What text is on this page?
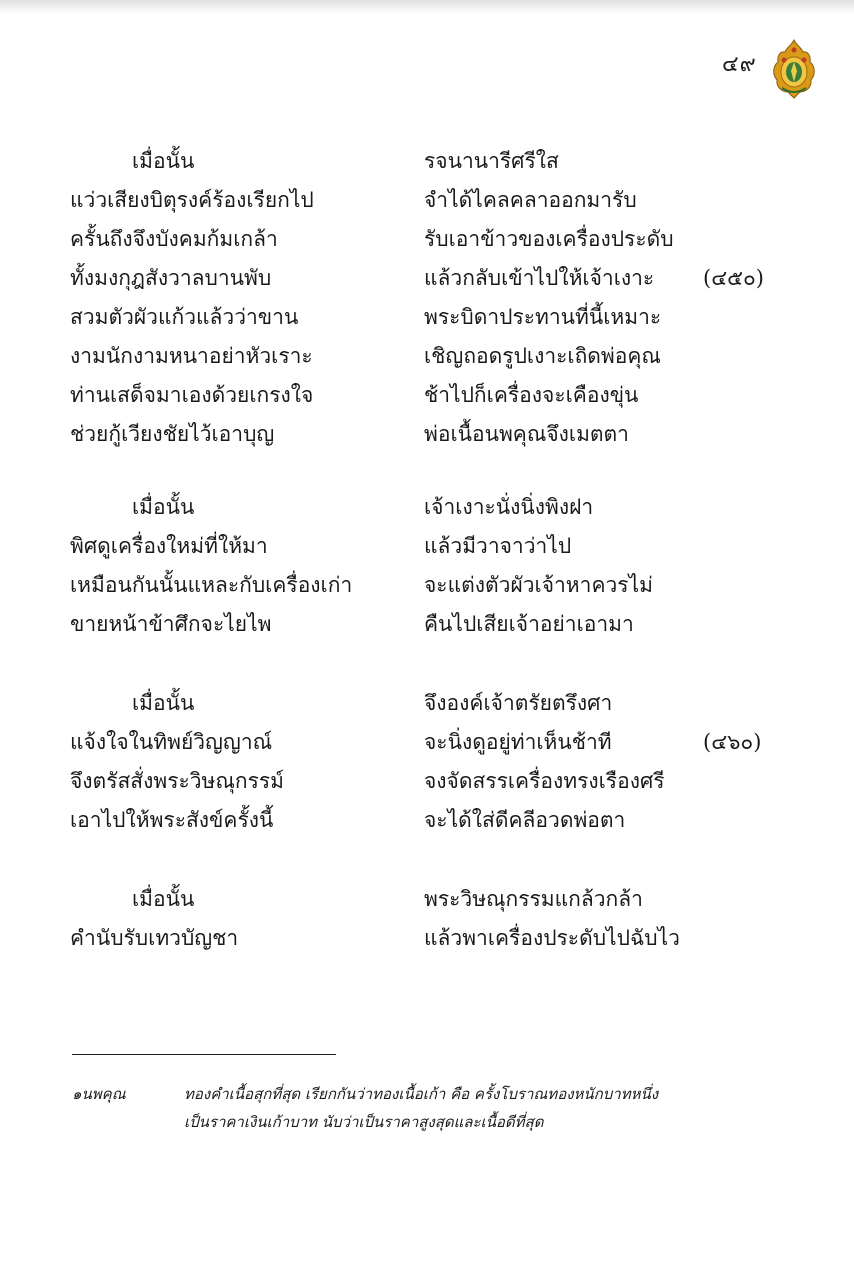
๔๙
เมื่อนั้น	รจนานารีศรีใส
แว่วเสียงบิตุรงค์ร้องเรียกไป	จำได้ไคลคลาออกมารับ
ครั้นถึงจึงบังคมก้มเกล้า	รับเอาข้าวของเครื่องประดับ
ทั้งมงกุฎสังวาลบานพับ	แล้วกลับเข้าไปให้เจ้าเงาะ (๔๕๐)
สวมตัวผัวแก้วแล้วว่าขาน	พระบิดาประทานที่นี้เหมาะ
งามนักงามหนาอย่าหัวเราะ	เชิญถอดรูปเงาะเถิดพ่อคุณ
ท่านเสด็จมาเองด้วยเกรงใจ	ช้าไปก็เครื่องจะเคืองขุ่น
ช่วยกู้เวียงชัยไว้เอาบุญ	พ่อเนื้อนพคุณจึงเมตตา
เมื่อนั้น	เจ้าเงาะนั่งนิ่งพิงฝา
พิศดูเครื่องใหม่ที่ให้มา	แล้วมีวาจาว่าไป
เหมือนกันนั้นแหละกับเครื่องเก่า	จะแต่งตัวผัวเจ้าหาควรไม่
ขายหน้าข้าศึกจะไยไพ	คืนไปเสียเจ้าอย่าเอามา
เมื่อนั้น	จึงองค์เจ้าตรัยตรึงศา
แจ้งใจในทิพย์วิญญาณ์	จะนิ่งดูอยู่ท่าเห็นช้าที	(๔๖๐)
จึงตรัสสั่งพระวิษณุกรรม์	จงจัดสรรเครื่องทรงเรืองศรี
เอาไปให้พระสังข์ครั้งนี้	จะได้ใส่ดีคลีอวดพ่อตา
เมื่อนั้น	พระวิษณุกรรมแกล้วกล้า
คำนับรับเทวบัญชา	แล้วพาเครื่องประดับไปฉับไว
๑นพคุณ	ทองคำเนื้อสุกที่สุด เรียกกันว่าทองเนื้อเก้า คือ ครั้งโบราณทองหนักบาทหนึ่ง
เป็นราคาเงินเก้าบาท นับว่าเป็นราคาสูงสุดและเนื้อดีที่สุด
